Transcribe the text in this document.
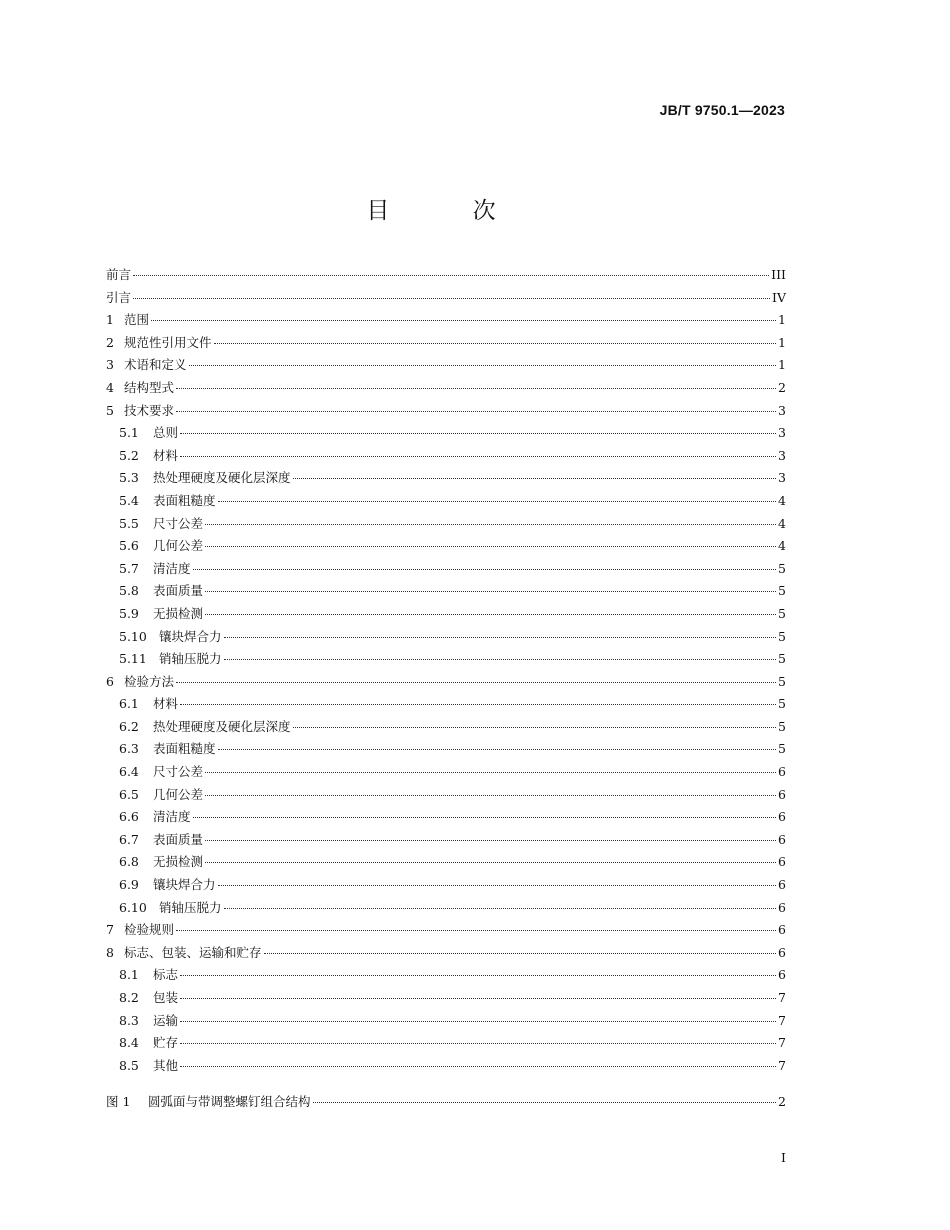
JB/T 9750.1—2023
目 次
前言	III
引言	IV
1 范围	1
2 规范性引用文件	1
3 术语和定义	1
4 结构型式	2
5 技术要求	3
5.1	总则	3
5.2	材料	3
5.3	热处理硬度及硬化层深度	3
5.4	表面粗糙度	4
5.5	尺寸公差	4
5.6	几何公差	4
5.7	清洁度	5
5.8	表面质量	5
5.9	无损检测	5
5.10 镶块焊合力	5
5.11 销轴压脱力	5
6 检验方法	5
6.1	材料	5
6.2	热处理硬度及硬化层深度	5
6.3	表面粗糙度	5
6.4	尺寸公差	6
6.5	几何公差	6
6.6	清洁度	6
6.7	表面质量	6
6.8	无损检测	6
6.9	镶块焊合力	6
6.10 销轴压脱力	6
7 检验规则	6
8 标志、包装、运输和贮存	6
8.1	标志	6
8.2	包装	7
8.3	运输	7
8.4	贮存	7
8.5	其他	7
图 1	圆弧面与带调整螺钉组合结构	2
I
